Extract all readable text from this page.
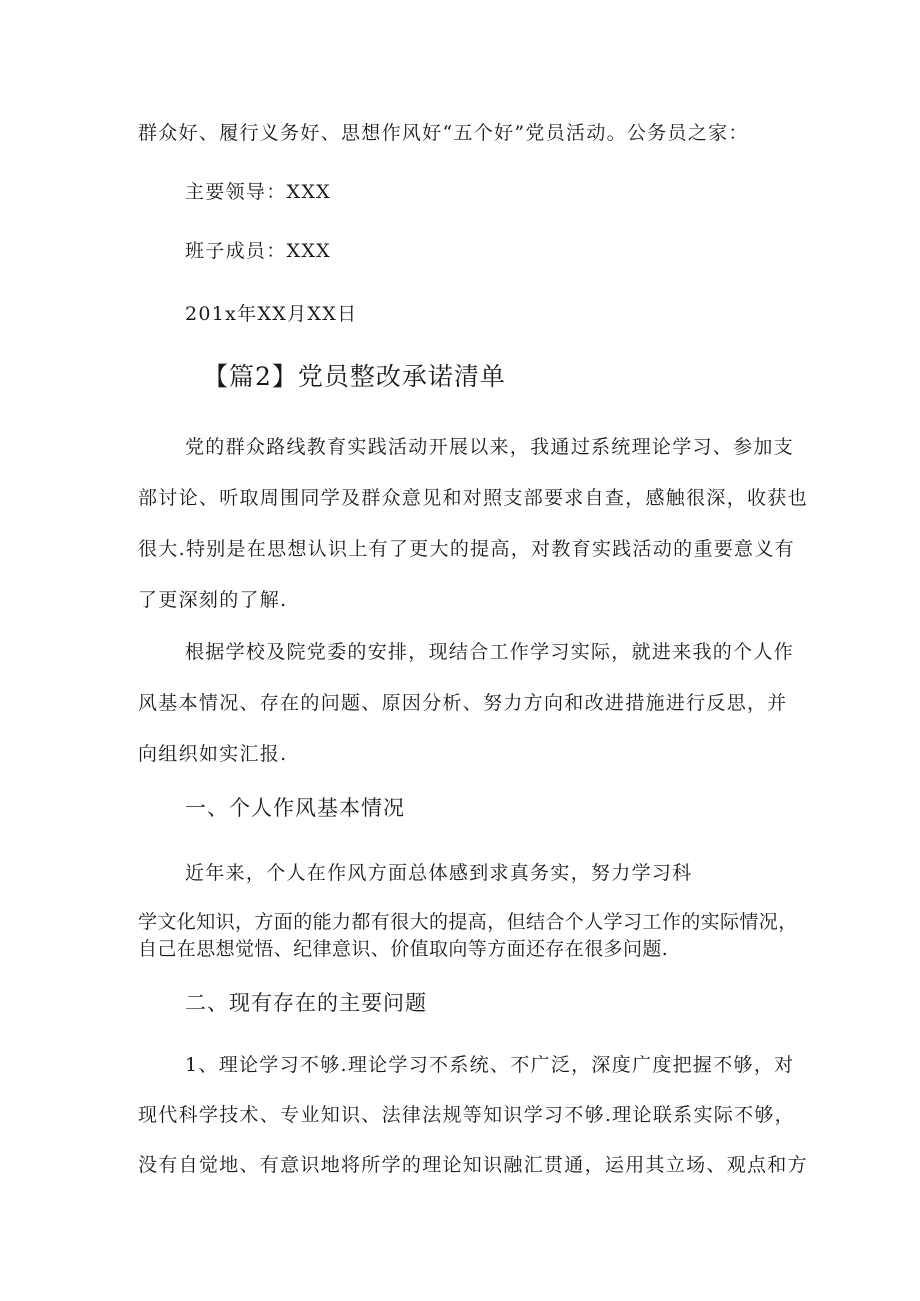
群众好、履行义务好、思想作风好“五个好”党员活动。公务员之家：
主要领导：XXX
班子成员：XXX
201x年XX月XX日
【篇2】党员整改承诺清单
党的群众路线教育实践活动开展以来，我通过系统理论学习、参加支
部讨论、听取周围同学及群众意见和对照支部要求自查，感触很深，收获也
很大.特别是在思想认识上有了更大的提高，对教育实践活动的重要意义有
了更深刻的了解.
根据学校及院党委的安排，现结合工作学习实际，就进来我的个人作
风基本情况、存在的问题、原因分析、努力方向和改进措施进行反思，并
向组织如实汇报.
一、个人作风基本情况
近年来，个人在作风方面总体感到求真务实，努力学习科
学文化知识，方面的能力都有很大的提高，但结合个人学习工作的实际情况，
自己在思想觉悟、纪律意识、价值取向等方面还存在很多问题.
二、现有存在的主要问题
1、理论学习不够.理论学习不系统、不广泛，深度广度把握不够，对
现代科学技术、专业知识、法律法规等知识学习不够.理论联系实际不够，
没有自觉地、有意识地将所学的理论知识融汇贯通，运用其立场、观点和方
